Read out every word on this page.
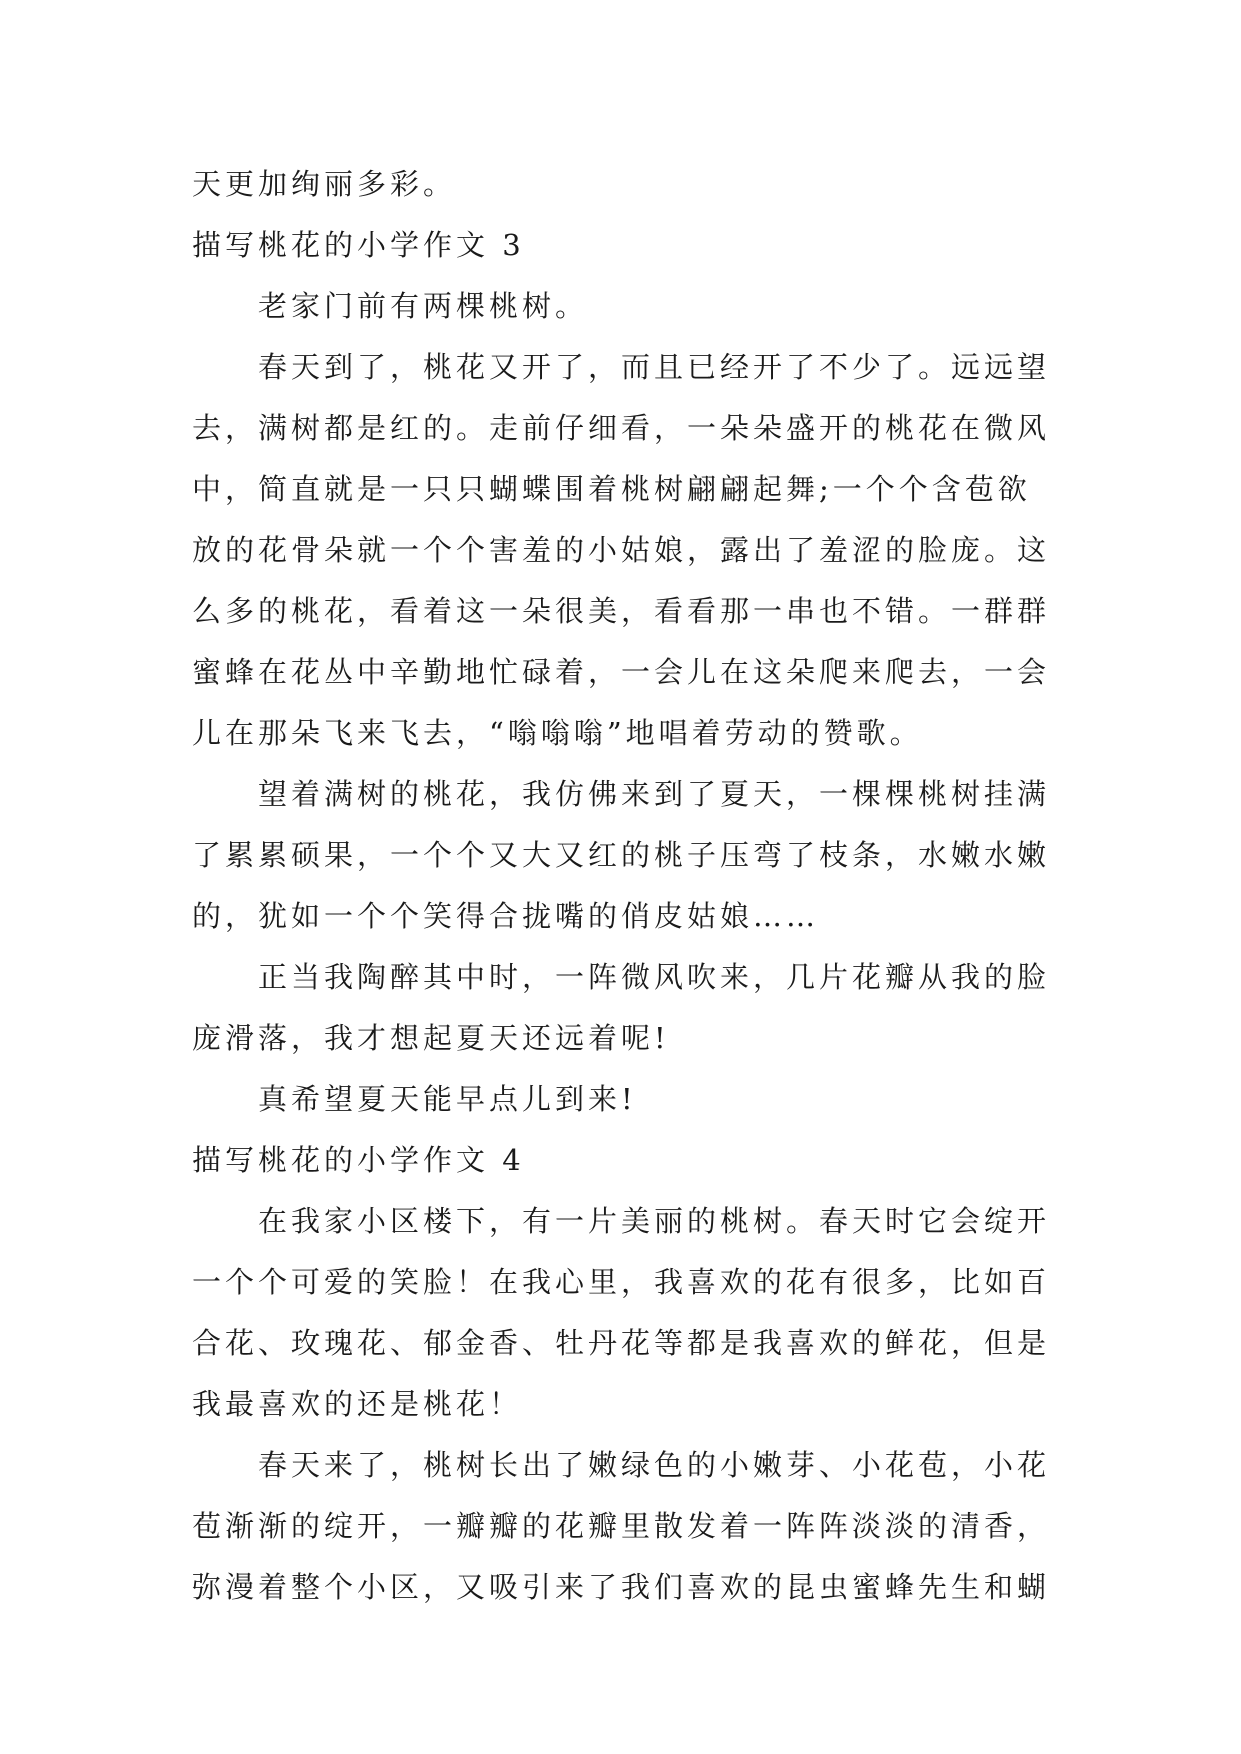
天更加绚丽多彩。
描写桃花的小学作文 3
老家门前有两棵桃树。
春天到了，桃花又开了，而且已经开了不少了。远远望
去，满树都是红的。走前仔细看，一朵朵盛开的桃花在微风
中，简直就是一只只蝴蝶围着桃树翩翩起舞;一个个含苞欲
放的花骨朵就一个个害羞的小姑娘，露出了羞涩的脸庞。这
么多的桃花，看着这一朵很美，看看那一串也不错。一群群
蜜蜂在花丛中辛勤地忙碌着，一会儿在这朵爬来爬去，一会
儿在那朵飞来飞去，“嗡嗡嗡”地唱着劳动的赞歌。
望着满树的桃花，我仿佛来到了夏天，一棵棵桃树挂满
了累累硕果，一个个又大又红的桃子压弯了枝条，水嫩水嫩
的，犹如一个个笑得合拢嘴的俏皮姑娘……
正当我陶醉其中时，一阵微风吹来，几片花瓣从我的脸
庞滑落，我才想起夏天还远着呢!
真希望夏天能早点儿到来!
描写桃花的小学作文 4
在我家小区楼下，有一片美丽的桃树。春天时它会绽开
一个个可爱的笑脸！在我心里，我喜欢的花有很多，比如百
合花、玫瑰花、郁金香、牡丹花等都是我喜欢的鲜花，但是
我最喜欢的还是桃花！
春天来了，桃树长出了嫩绿色的小嫩芽、小花苞，小花
苞渐渐的绽开，一瓣瓣的花瓣里散发着一阵阵淡淡的清香，
弥漫着整个小区，又吸引来了我们喜欢的昆虫蜜蜂先生和蝴
